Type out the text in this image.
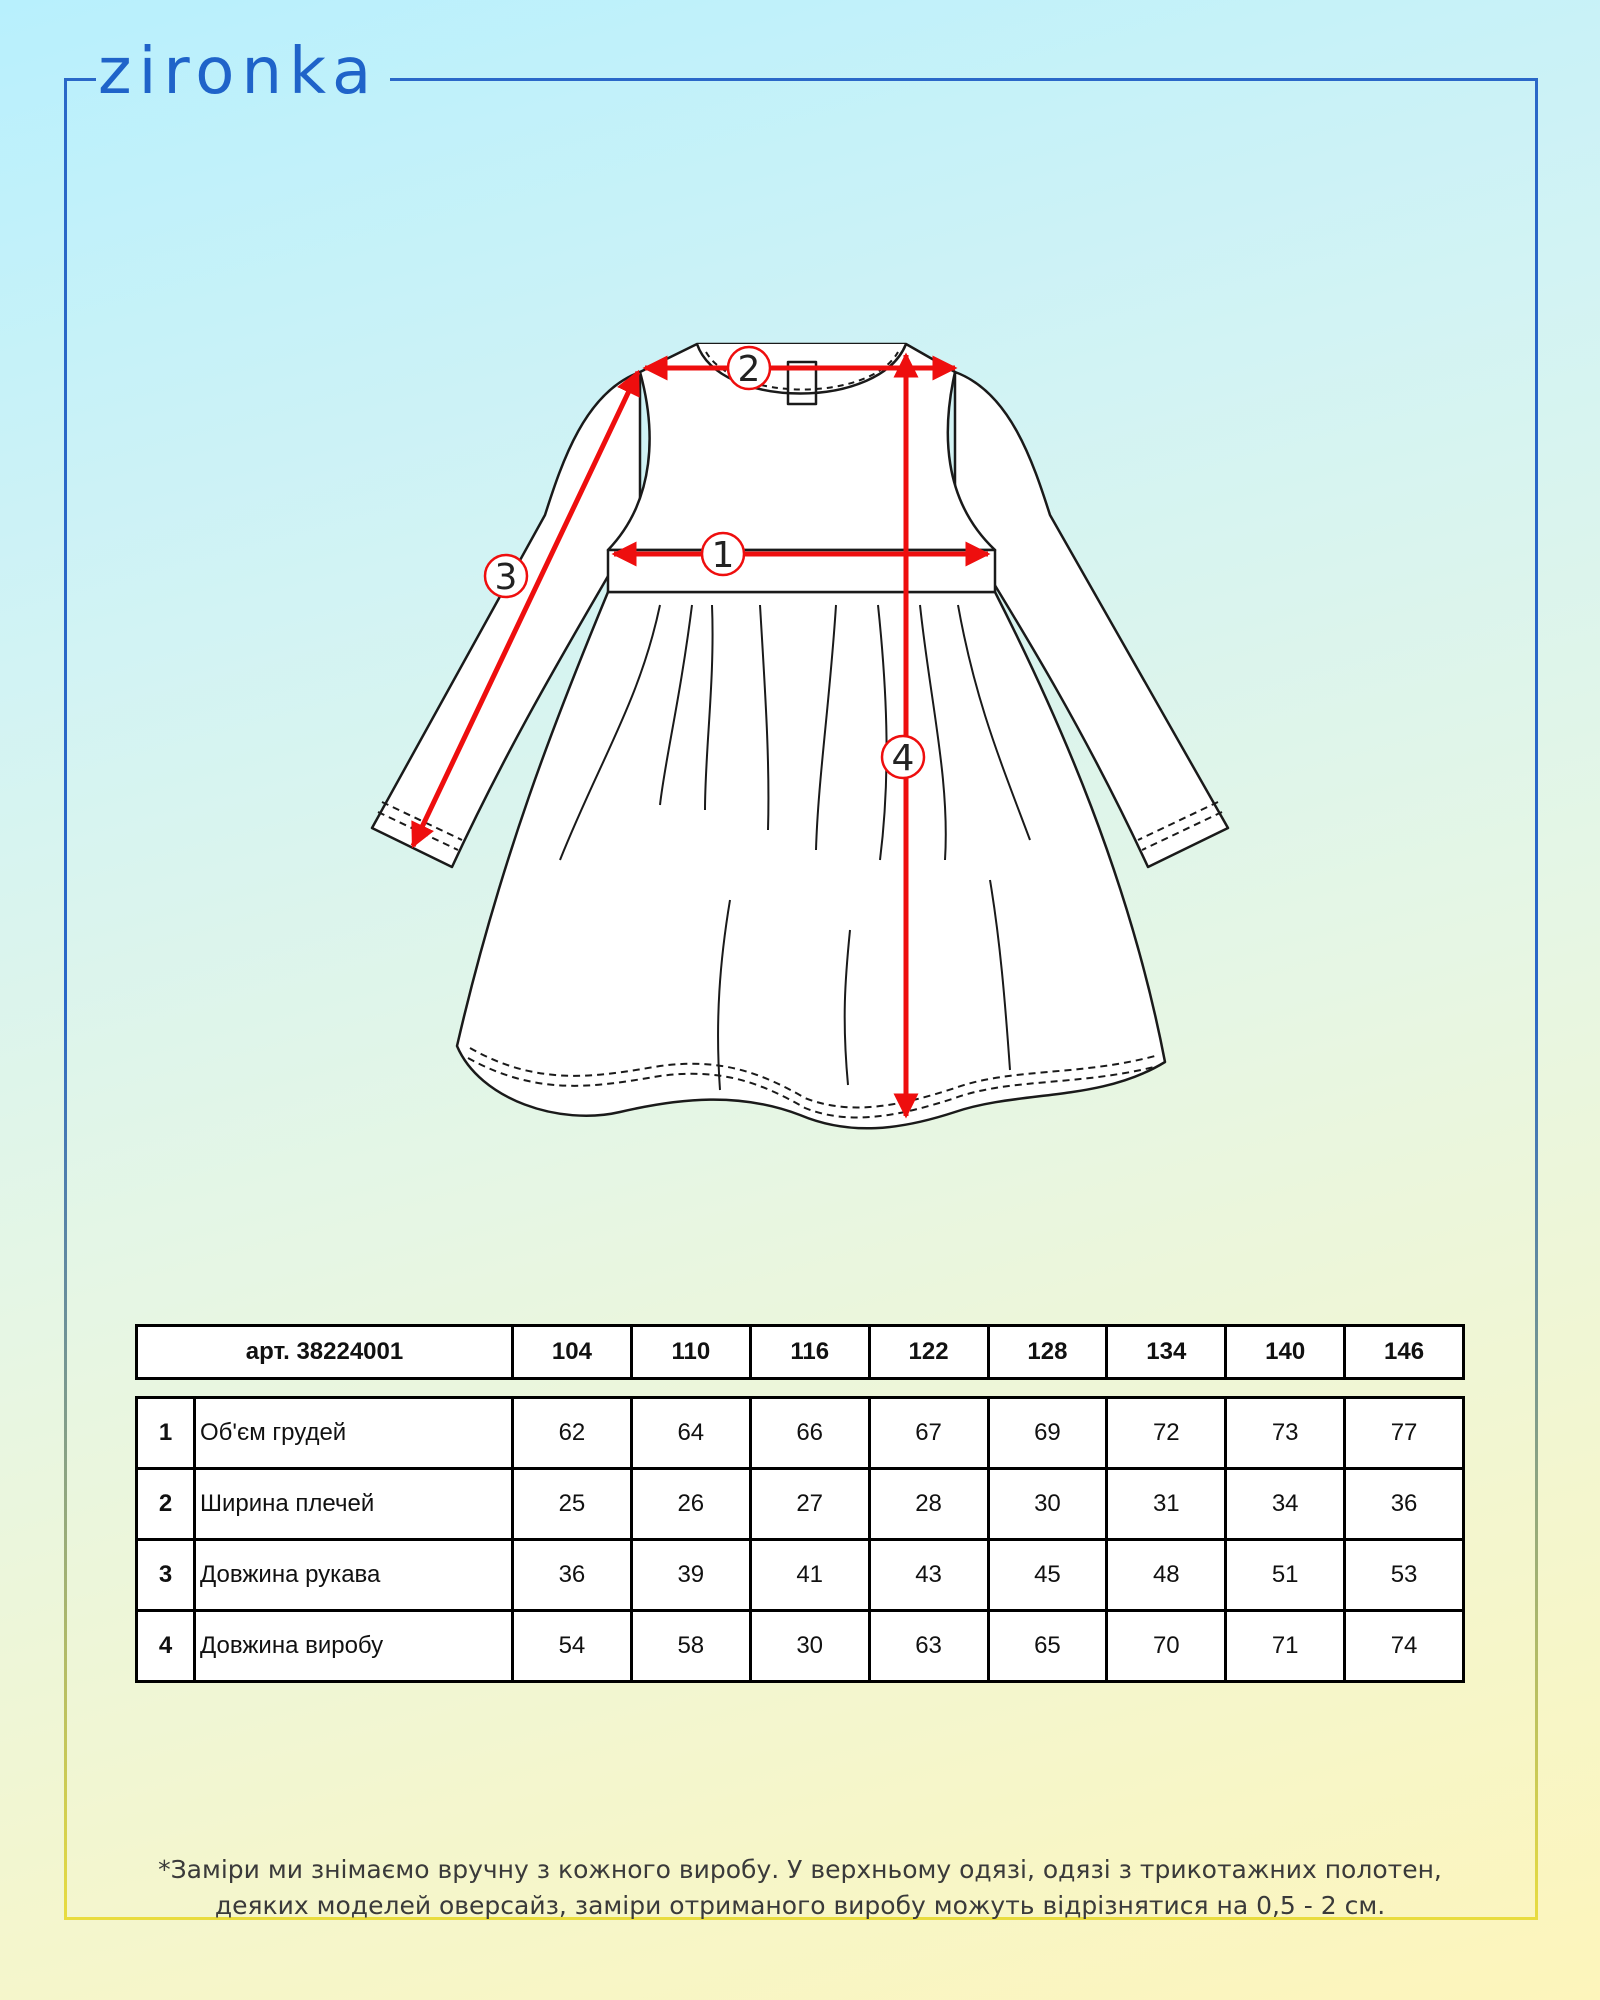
zironka
1
2
3
4
арт. 38224001	104	110	116	122	128	134	140	146
1	Об'єм грудей	62	64	66	67	69	72	73	77
2	Ширина плечей	25	26	27	28	30	31	34	36
3	Довжина рукава	36	39	41	43	45	48	51	53
4	Довжина виробу	54	58	30	63	65	70	71	74
*Заміри ми знімаємо вручну з кожного виробу. У верхньому одязі, одязі з трикотажних полотен,
деяких моделей оверсайз, заміри отриманого виробу можуть відрізнятися на 0,5 - 2 см.
